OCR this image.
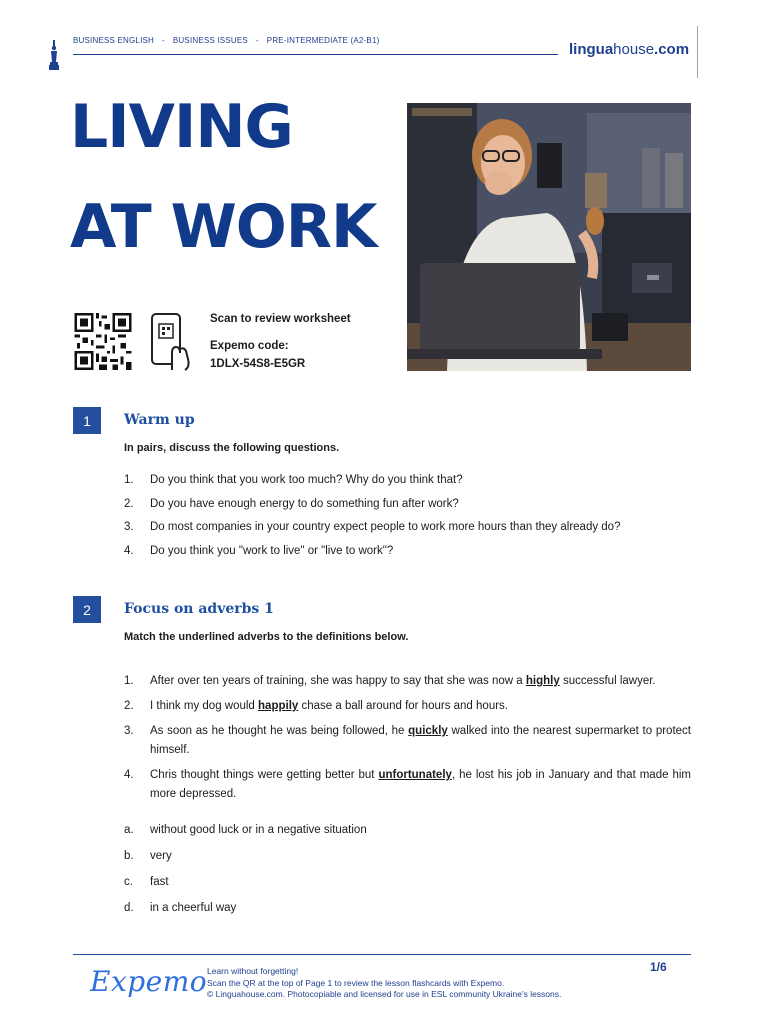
BUSINESS ENGLISH - BUSINESS ISSUES - PRE-INTERMEDIATE (A2-B1)
linguahouse.com
LIVING
AT WORK
Scan to review worksheet
Expemo code:
1DLX-54S8-E5GR
1	Warm up
In pairs, discuss the following questions.
1. Do you think that you work too much? Why do you think that?
2. Do you have enough energy to do something fun after work?
3. Do most companies in your country expect people to work more hours than they already do?
4. Do you think you "work to live" or "live to work"?
2	Focus on adverbs 1
Match the underlined adverbs to the definitions below.
1. After over ten years of training, she was happy to say that she was now a highly successful lawyer.
2. I think my dog would happily chase a ball around for hours and hours.
3. As soon as he thought he was being followed, he quickly walked into the nearest supermarket to protect himself.
4. Chris thought things were getting better but unfortunately, he lost his job in January and that made him more depressed.
a. without good luck or in a negative situation
b. very
c. fast
d. in a cheerful way
Expemo Learn without forgetting!
Scan the QR at the top of Page 1 to review the lesson flashcards with Expemo.
© Linguahouse.com. Photocopiable and licensed for use in ESL community Ukraine's lessons.
1/6
